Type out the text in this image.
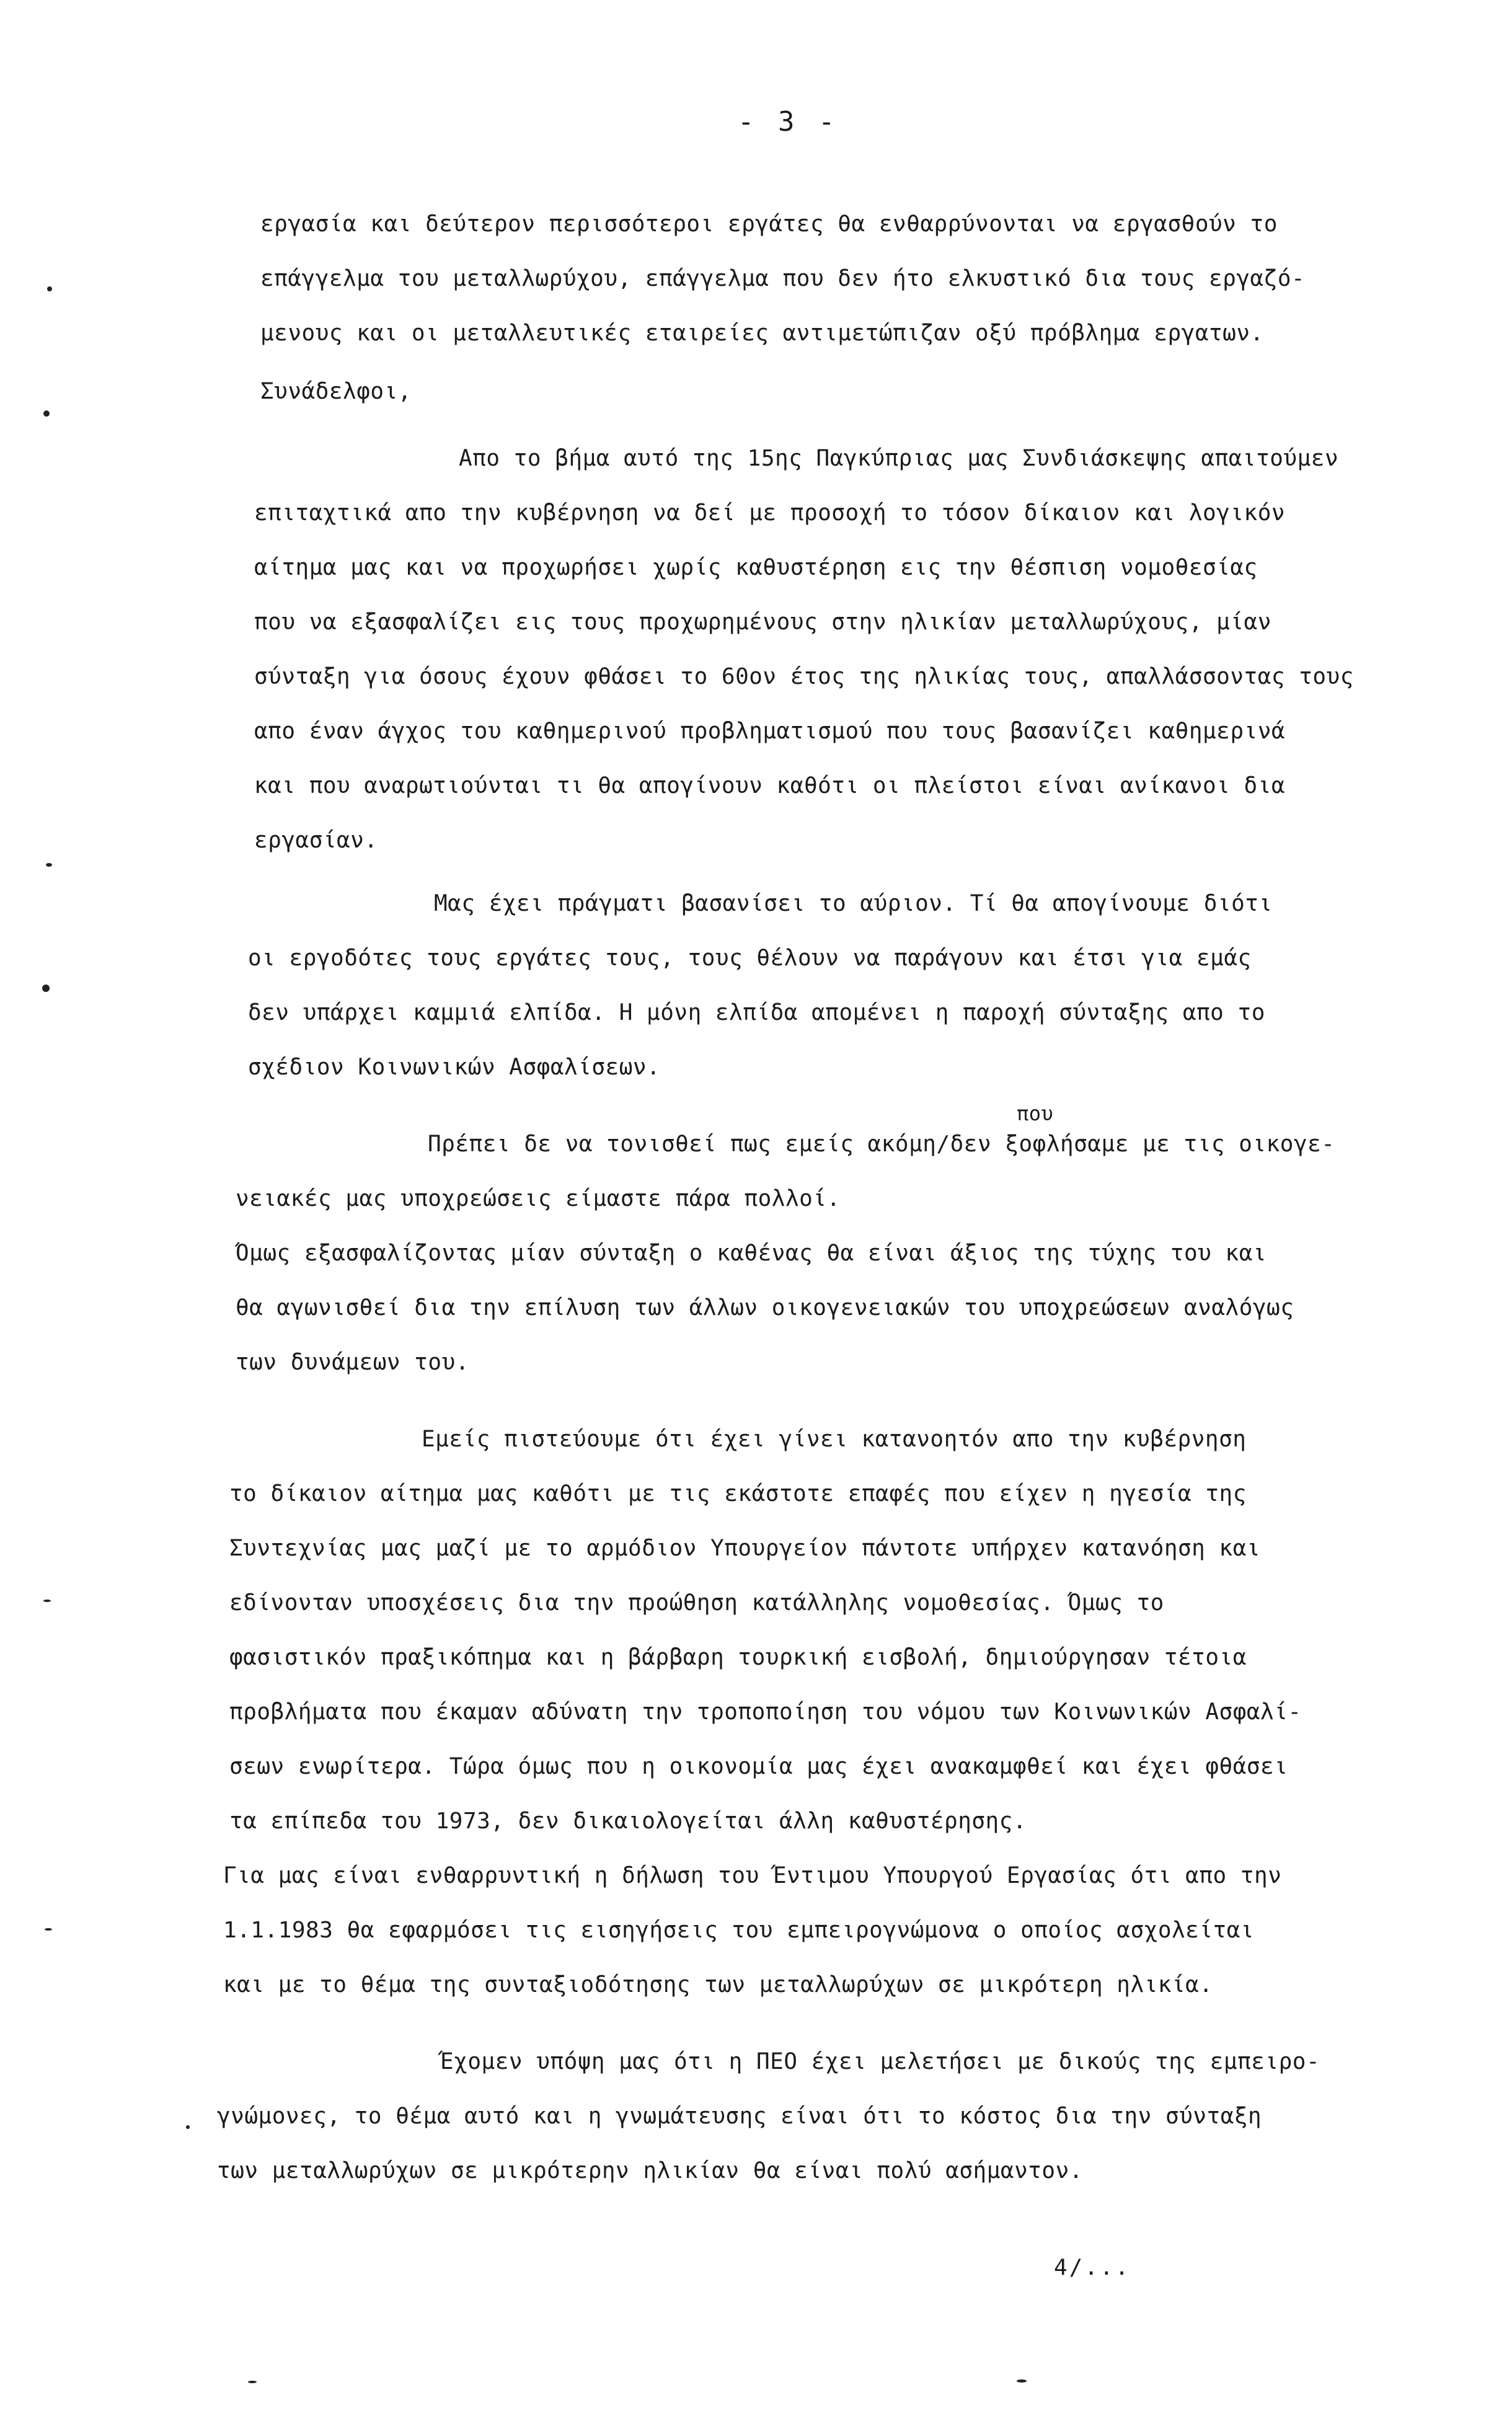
- 3 -
εργασία και δεύτερον περισσότεροι εργάτες θα ενθαρρύνονται να εργασθούν το
επάγγελμα του μεταλλωρύχου, επάγγελμα που δεν ήτο ελκυστικό δια τους εργαζό-
μενους και οι μεταλλευτικές εταιρείες αντιμετώπιζαν οξύ πρόβλημα εργατων.
Συνάδελφοι,
Απο το βήμα αυτό της 15ης Παγκύπριας μας Συνδιάσκεψης απαιτούμεν
επιταχτικά απο την κυβέρνηση να δεί με προσοχή το τόσον δίκαιον και λογικόν
αίτημα μας και να προχωρήσει χωρίς καθυστέρηση εις την θέσπιση νομοθεσίας
που να εξασφαλίζει εις τους προχωρημένους στην ηλικίαν μεταλλωρύχους, μίαν
σύνταξη για όσους έχουν φθάσει το 60ον έτος της ηλικίας τους, απαλλάσσοντας τους
απο έναν άγχος του καθημερινού προβληματισμού που τους βασανίζει καθημερινά
και που αναρωτιούνται τι θα απογίνουν καθότι οι πλείστοι είναι ανίκανοι δια
εργασίαν.
Μας έχει πράγματι βασανίσει το αύριον. Τί θα απογίνουμε διότι
οι εργοδότες τους εργάτες τους, τους θέλουν να παράγουν και έτσι για εμάς
δεν υπάρχει καμμιά ελπίδα. Η μόνη ελπίδα απομένει η παροχή σύνταξης απο το
σχέδιον Κοινωνικών Ασφαλίσεων.
που
Πρέπει δε να τονισθεί πως εμείς ακόμη/δεν ξοφλήσαμε με τις οικογε-
νειακές μας υποχρεώσεις είμαστε πάρα πολλοί.
Όμως εξασφαλίζοντας μίαν σύνταξη ο καθένας θα είναι άξιος της τύχης του και
θα αγωνισθεί δια την επίλυση των άλλων οικογενειακών του υποχρεώσεων αναλόγως
των δυνάμεων του.
Εμείς πιστεύουμε ότι έχει γίνει κατανοητόν απο την κυβέρνηση
το δίκαιον αίτημα μας καθότι με τις εκάστοτε επαφές που είχεν η ηγεσία της
Συντεχνίας μας μαζί με το αρμόδιον Υπουργείον πάντοτε υπήρχεν κατανόηση και
εδίνονταν υποσχέσεις δια την προώθηση κατάλληλης νομοθεσίας. Όμως το
φασιστικόν πραξικόπημα και η βάρβαρη τουρκική εισβολή, δημιούργησαν τέτοια
προβλήματα που έκαμαν αδύνατη την τροποποίηση του νόμου των Κοινωνικών Ασφαλί-
σεων ενωρίτερα. Τώρα όμως που η οικονομία μας έχει ανακαμφθεί και έχει φθάσει
τα επίπεδα του 1973, δεν δικαιολογείται άλλη καθυστέρησης.
Για μας είναι ενθαρρυντική η δήλωση του Έντιμου Υπουργού Εργασίας ότι απο την
1.1.1983 θα εφαρμόσει τις εισηγήσεις του εμπειρογνώμονα ο οποίος ασχολείται
και με το θέμα της συνταξιοδότησης των μεταλλωρύχων σε μικρότερη ηλικία.
Έχομεν υπόψη μας ότι η ΠΕΟ έχει μελετήσει με δικούς της εμπειρο-
γνώμονες, το θέμα αυτό και η γνωμάτευσης είναι ότι το κόστος δια την σύνταξη
των μεταλλωρύχων σε μικρότερην ηλικίαν θα είναι πολύ ασήμαντον.
4/...
